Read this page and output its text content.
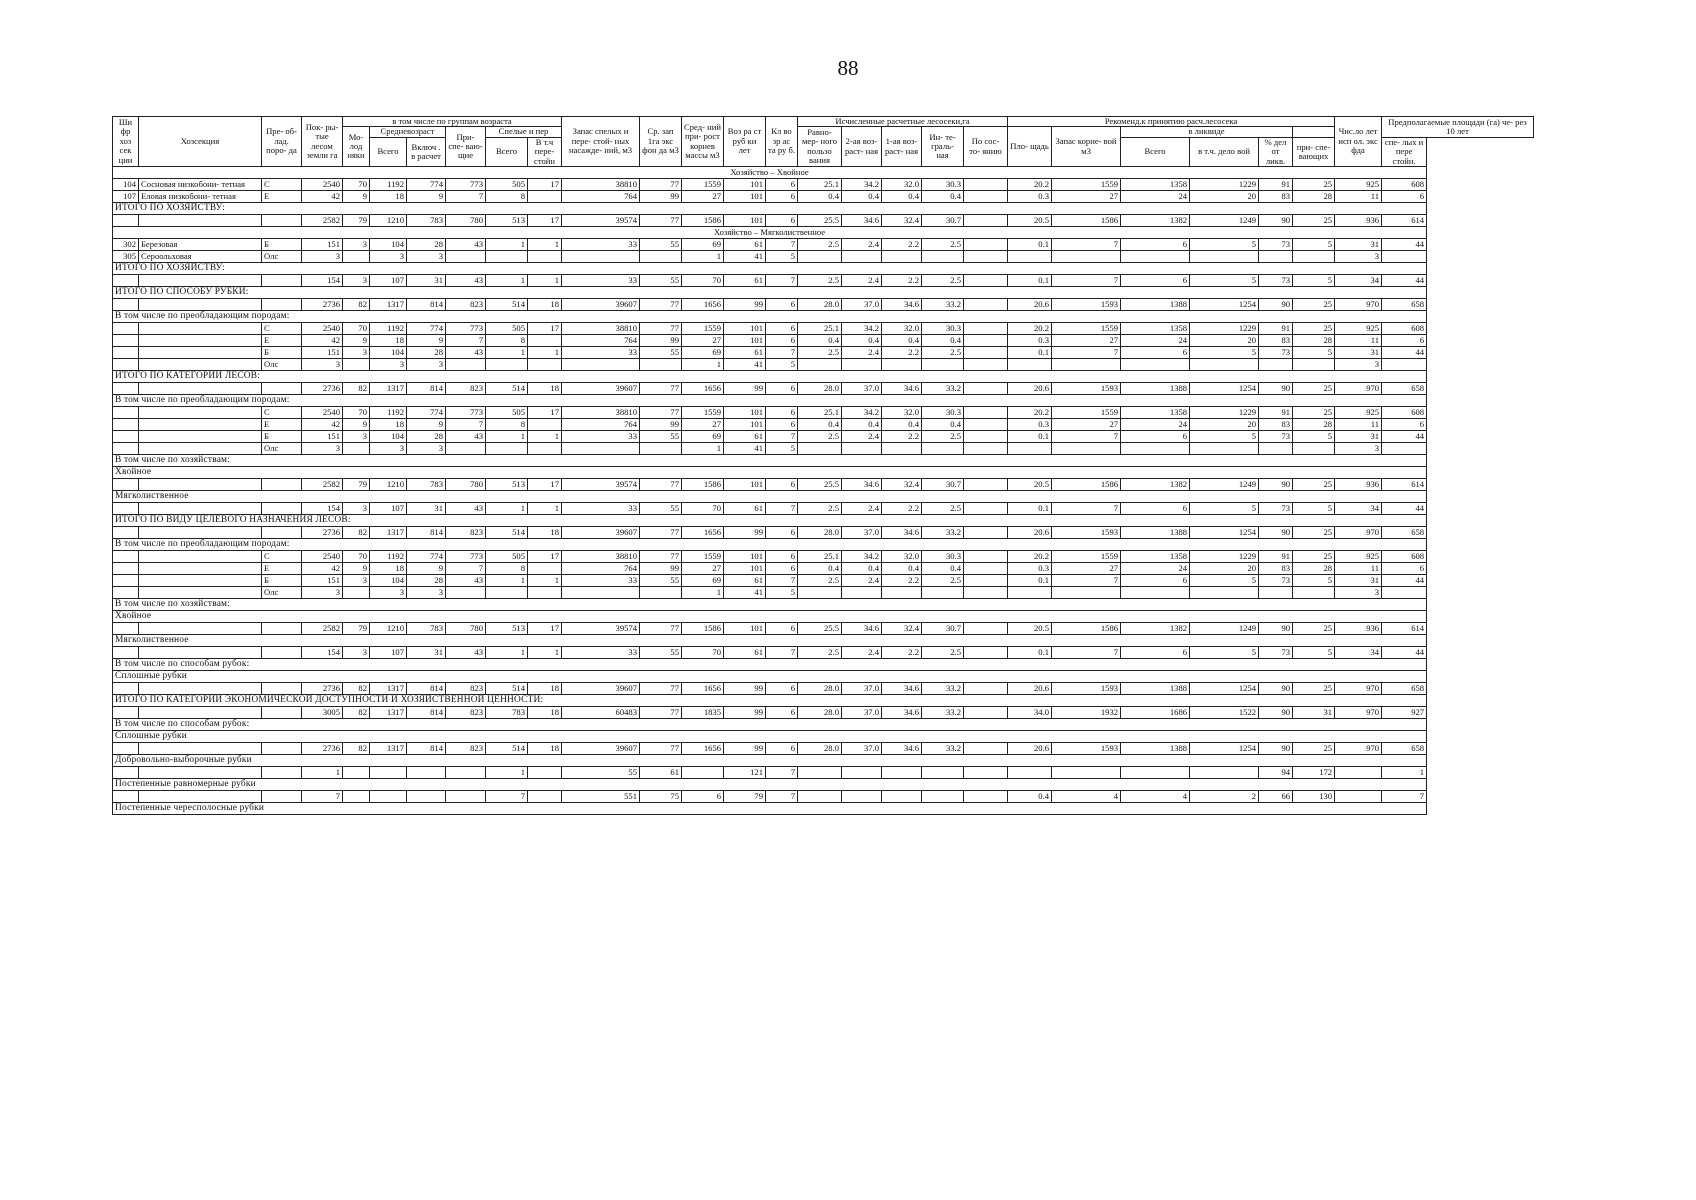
88
Ши фр хоз сек ции	Хозсекция	Пре- об- лад. поро- да	Пок- ры- тые лесом земли га	в том числе по группам возраста						Запас спелых и пере- стой- ных насажде- ний, м3	Ср. зап 1га экс фон да м3	Сред- ний при- рост корнев массы м3	Воз ра ст руб ки лет	Кл во зр ас та ру б.	Исчисленные расчетные лесосеки,га					Рекоменд.к принятию расч.лесосека						Чис.ло лет исп ол. экс фда	Предполагаемые площади (га) че- рез 10 лет
				Мо- лод няки	Средневозраст		При- спе- ваю- щие	Спелые и пер							Равно- мер- ного пользо вания	2-ая воз- раст- ная	1-ая воз- раст- ная	Ин- те- граль- ная	По сос- то- янию	Пло- щадь	Запас корне- вой м3	в ликвиде					
					Всего	Включ . в расчет		Всего	В т.ч пере- стойн													Всего	в т.ч. дело вой	% дел от ликв.	при- спе- вающих		спе- лых и пере стойн.
Хозяйство – Хвойное																											
104	Сосновая низкобони- тетная	С	2540	70	1192	774	773	505	17	38810	77	1559	101	6	25.1	34.2	32.0	30.3		20.2	1559	1358	1229	91	25	925	608
107	Еловая низкобони- тетная	Е	42	9	18	9	7	8		764	99	27	101	6	0.4	0.4	0.4	0.4		0.3	27	24	20	83	28	11	6
ИТОГО ПО ХОЗЯЙСТВУ:																											
			2582	79	1210	783	780	513	17	39574	77	1586	101	6	25.5	34.6	32.4	30.7		20.5	1586	1382	1249	90	25	936	614
Хозяйство – Мягколиственное																											
302	Березовая	Б	151	3	104	28	43	1	1	33	55	69	61	7	2.5	2.4	2.2	2.5		0.1	7	6	5	73	5	31	44
305	Сероольховая	Олс	3		3	3						1	41	5												3	
ИТОГО ПО ХОЗЯЙСТВУ:																											
			154	3	107	31	43	1	1	33	55	70	61	7	2.5	2.4	2.2	2.5		0.1	7	6	5	73	5	34	44
ИТОГО ПО СПОСОБУ РУБКИ:																											
			2736	82	1317	814	823	514	18	39607	77	1656	99	6	28.0	37.0	34.6	33.2		20.6	1593	1388	1254	90	25	970	658
В том числе по преобладающим породам:																											
		С	2540	70	1192	774	773	505	17	38810	77	1559	101	6	25.1	34.2	32.0	30.3		20.2	1559	1358	1229	91	25	925	608
		Е	42	9	18	9	7	8		764	99	27	101	6	0.4	0.4	0.4	0.4		0.3	27	24	20	83	28	11	6
		Б	151	3	104	28	43	1	1	33	55	69	61	7	2.5	2.4	2.2	2.5		0.1	7	6	5	73	5	31	44
		Олс	3		3	3						1	41	5												3	
ИТОГО ПО КАТЕГОРИИ ЛЕСОВ:																											
			2736	82	1317	814	823	514	18	39607	77	1656	99	6	28.0	37.0	34.6	33.2		20.6	1593	1388	1254	90	25	970	658
В том числе по преобладающим породам:																											
		С	2540	70	1192	774	773	505	17	38810	77	1559	101	6	25.1	34.2	32.0	30.3		20.2	1559	1358	1229	91	25	925	608
		Е	42	9	18	9	7	8		764	99	27	101	6	0.4	0.4	0.4	0.4		0.3	27	24	20	83	28	11	6
		Б	151	3	104	28	43	1	1	33	55	69	61	7	2.5	2.4	2.2	2.5		0.1	7	6	5	73	5	31	44
		Олс	3		3	3						1	41	5												3	
В том числе по хозяйствам:																											
Хвойное																											
			2582	79	1210	783	780	513	17	39574	77	1586	101	6	25.5	34.6	32.4	30.7		20.5	1586	1382	1249	90	25	936	614
Мягколиственное																											
			154	3	107	31	43	1	1	33	55	70	61	7	2.5	2.4	2.2	2.5		0.1	7	6	5	73	5	34	44
ИТОГО ПО ВИДУ ЦЕЛЕВОГО НАЗНАЧЕНИЯ ЛЕСОВ:																											
			2736	82	1317	814	823	514	18	39607	77	1656	99	6	28.0	37.0	34.6	33.2		20.6	1593	1388	1254	90	25	970	658
В том числе по преобладающим породам:																											
		С	2540	70	1192	774	773	505	17	38810	77	1559	101	6	25.1	34.2	32.0	30.3		20.2	1559	1358	1229	91	25	925	608
		Е	42	9	18	9	7	8		764	99	27	101	6	0.4	0.4	0.4	0.4		0.3	27	24	20	83	28	11	6
		Б	151	3	104	28	43	1	1	33	55	69	61	7	2.5	2.4	2.2	2.5		0.1	7	6	5	73	5	31	44
		Олс	3		3	3						1	41	5												3	
В том числе по хозяйствам:																											
Хвойное																											
			2582	79	1210	783	780	513	17	39574	77	1586	101	6	25.5	34.6	32.4	30.7		20.5	1586	1382	1249	90	25	936	614
Мягколиственное																											
			154	3	107	31	43	1	1	33	55	70	61	7	2.5	2.4	2.2	2.5		0.1	7	6	5	73	5	34	44
В том числе по способам рубок:																											
Сплошные рубки																											
			2736	82	1317	814	823	514	18	39607	77	1656	99	6	28.0	37.0	34.6	33.2		20.6	1593	1388	1254	90	25	970	658
ИТОГО ПО КАТЕГОРИИ ЭКОНОМИЧЕСКОЙ ДОСТУПНОСТИ И ХОЗЯЙСТВЕННОЙ ЦЕННОСТИ:																											
			3005	82	1317	814	823	783	18	60483	77	1835	99	6	28.0	37.0	34.6	33.2		34.0	1932	1686	1522	90	31	970	927
В том числе по способам рубок:																											
Сплошные рубки																											
			2736	82	1317	814	823	514	18	39607	77	1656	99	6	28.0	37.0	34.6	33.2		20.6	1593	1388	1254	90	25	970	658
Добровольно-выборочные рубки																											
			1					1		55	61		121	7										94	172		1
Постепенные равномерные рубки																											
			7					7		551	75	6	79	7						0.4	4	4	2	66	130		7
Постепенные чересполосные рубки																											
